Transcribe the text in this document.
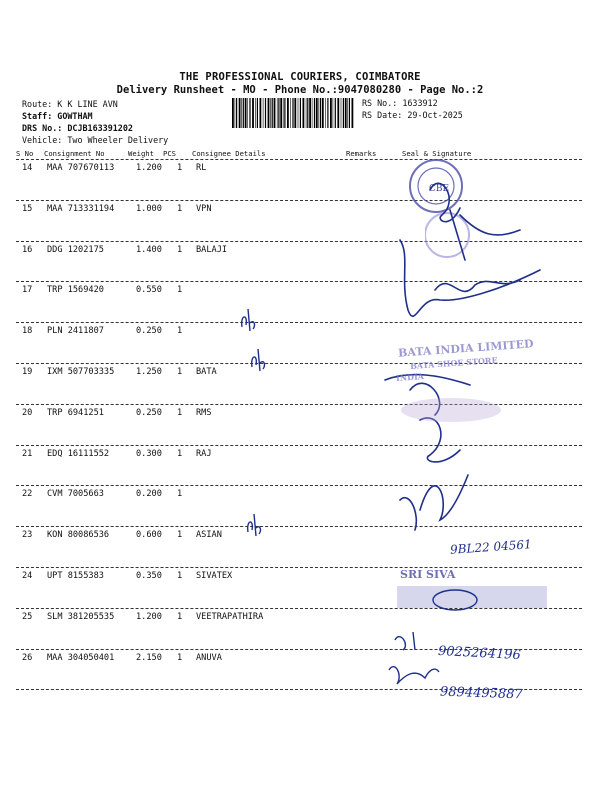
THE PROFESSIONAL COURIERS, COIMBATORE
Delivery Runsheet - MO - Phone No.:9047080280 - Page No.:2
Route: K K LINE AVN
Staff: GOWTHAM
DRS No.: DCJB163391202
Vehicle: Two Wheeler Delivery
RS No.: 1633912
RS Date: 29-Oct-2025
S No Consignment No	Weight PCS Consignee Details	Remarks	Seal & Signature
14 MAA 707670113	1.200 1 RL
15 MAA 713331194	1.000 1 VPN
16 DDG 1202175	1.400 1 BALAJI
17 TRP 1569420	0.550 1
18 PLN 2411807	0.250 1
19 IXM 507703335	1.250 1 BATA
20 TRP 6941251	0.250 1 RMS
21 EDQ 16111552	0.300 1 RAJ
22 CVM 7005663	0.200 1
23 KON 80086536	0.600 1 ASIAN
24 UPT 8155383	0.350 1 SIVATEX
25 SLM 381205535	1.200 1 VEETRAPATHIRA
26 MAA 304050401	2.150 1 ANUVA
CBE
BATA INDIA LIMITED
BATA SHOE STORE
INDIA
SRI SIVA
9BL22 04561
9025264196
9894495887
